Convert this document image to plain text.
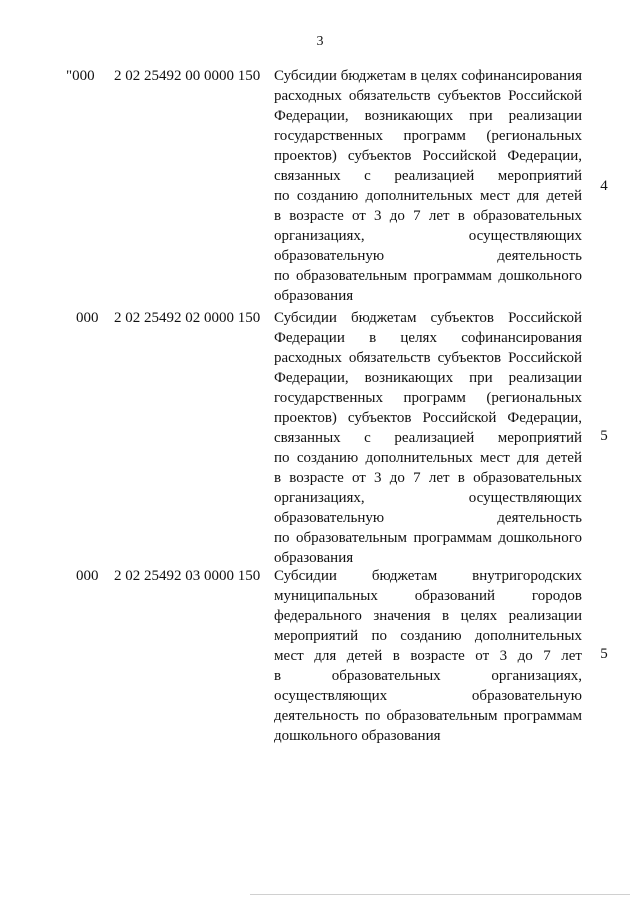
3
"000 2 02 25492 00 0000 150 Субсидии бюджетам в целях софинансирования
расходных обязательств субъектов Российской
Федерации, возникающих при реализации
государственных программ (региональных
проектов) субъектов Российской Федерации,
связанных с реализацией мероприятий
по созданию дополнительных мест для детей
в возрасте от 3 до 7 лет в образовательных
организациях, осуществляющих
образовательную деятельность
по образовательным программам дошкольного
образования
4
000 2 02 25492 02 0000 150 Субсидии бюджетам субъектов Российской
Федерации в целях софинансирования
расходных обязательств субъектов Российской
Федерации, возникающих при реализации
государственных программ (региональных
проектов) субъектов Российской Федерации,
связанных с реализацией мероприятий
по созданию дополнительных мест для детей
в возрасте от 3 до 7 лет в образовательных
организациях, осуществляющих
образовательную деятельность
по образовательным программам дошкольного
образования
5
000 2 02 25492 03 0000 150 Субсидии бюджетам внутригородских
муниципальных образований городов
федерального значения в целях реализации
мероприятий по созданию дополнительных
мест для детей в возрасте от 3 до 7 лет
в образовательных организациях,
осуществляющих образовательную
деятельность по образовательным программам
дошкольного образования
5
